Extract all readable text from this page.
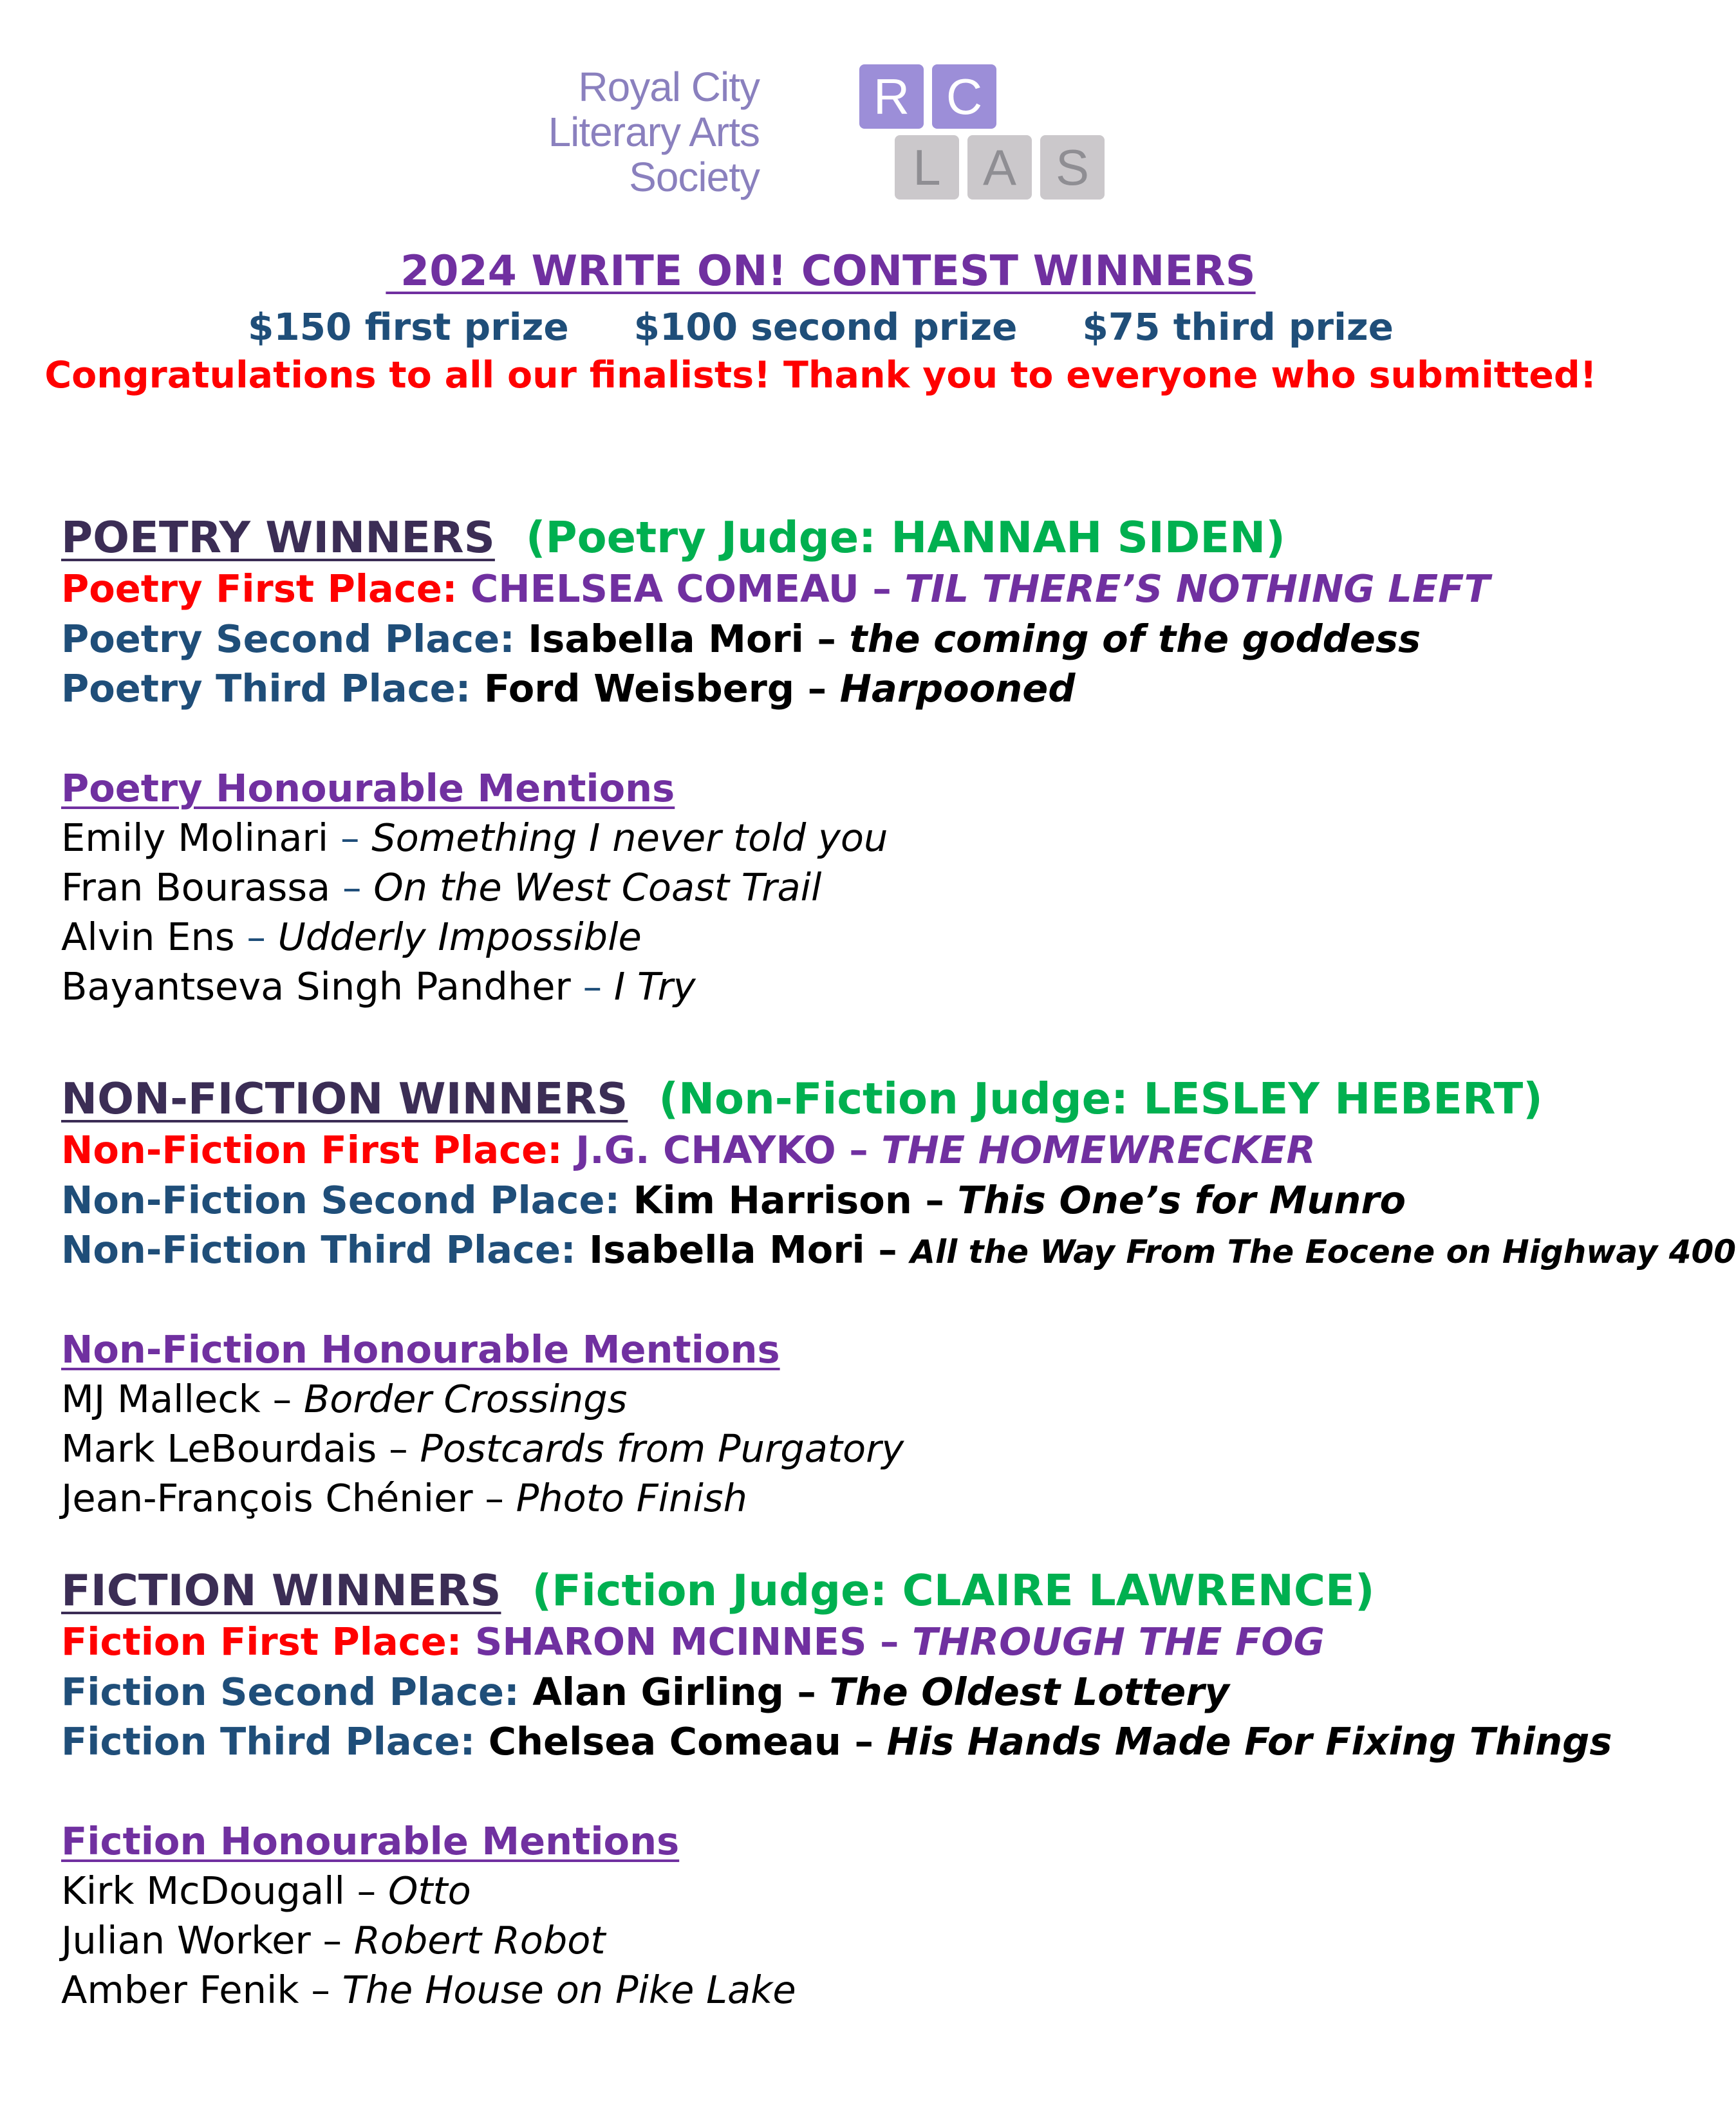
Royal City
Literary Arts
Society
R C
L A S
2024 WRITE ON! CONTEST WINNERS
$150 first prize     $100 second prize     $75 third prize
Congratulations to all our finalists! Thank you to everyone who submitted!
POETRY WINNERS (Poetry Judge: HANNAH SIDEN)
Poetry First Place: CHELSEA COMEAU – TIL THERE’S NOTHING LEFT
Poetry Second Place: Isabella Mori – the coming of the goddess
Poetry Third Place: Ford Weisberg – Harpooned
Poetry Honourable Mentions
Emily Molinari – Something I never told you
Fran Bourassa – On the West Coast Trail
Alvin Ens – Udderly Impossible
Bayantseva Singh Pandher – I Try
NON-FICTION WINNERS (Non-Fiction Judge: LESLEY HEBERT)
Non-Fiction First Place: J.G. CHAYKO – THE HOMEWRECKER
Non-Fiction Second Place: Kim Harrison – This One’s for Munro
Non-Fiction Third Place: Isabella Mori – All the Way From The Eocene on Highway 400
Non-Fiction Honourable Mentions
MJ Malleck – Border Crossings
Mark LeBourdais – Postcards from Purgatory
Jean-François Chénier – Photo Finish
FICTION WINNERS (Fiction Judge: CLAIRE LAWRENCE)
Fiction First Place: SHARON MCINNES – THROUGH THE FOG
Fiction Second Place: Alan Girling – The Oldest Lottery
Fiction Third Place: Chelsea Comeau – His Hands Made For Fixing Things
Fiction Honourable Mentions
Kirk McDougall – Otto
Julian Worker – Robert Robot
Amber Fenik – The House on Pike Lake
